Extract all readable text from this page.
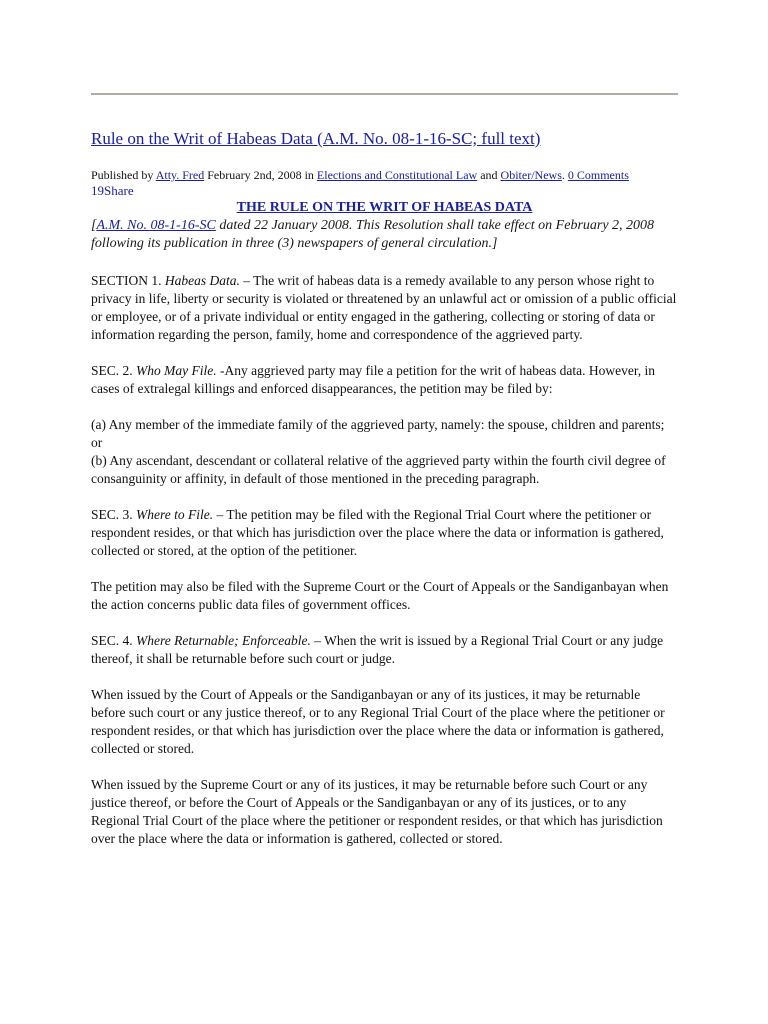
Rule on the Writ of Habeas Data (A.M. No. 08-1-16-SC; full text)
Published by Atty. Fred February 2nd, 2008 in Elections and Constitutional Law and Obiter/News. 0 Comments
19Share
THE RULE ON THE WRIT OF HABEAS DATA
[A.M. No. 08-1-16-SC dated 22 January 2008. This Resolution shall take effect on February 2, 2008 following its publication in three (3) newspapers of general circulation.]

SECTION 1. Habeas Data. – The writ of habeas data is a remedy available to any person whose right to privacy in life, liberty or security is violated or threatened by an unlawful act or omission of a public official or employee, or of a private individual or entity engaged in the gathering, collecting or storing of data or information regarding the person, family, home and correspondence of the aggrieved party.

SEC. 2. Who May File. -Any aggrieved party may file a petition for the writ of habeas data. However, in cases of extralegal killings and enforced disappearances, the petition may be filed by:

(a) Any member of the immediate family of the aggrieved party, namely: the spouse, children and parents; or
(b) Any ascendant, descendant or collateral relative of the aggrieved party within the fourth civil degree of consanguinity or affinity, in default of those mentioned in the preceding paragraph.

SEC. 3. Where to File. – The petition may be filed with the Regional Trial Court where the petitioner or respondent resides, or that which has jurisdiction over the place where the data or information is gathered, collected or stored, at the option of the petitioner.

The petition may also be filed with the Supreme Court or the Court of Appeals or the Sandiganbayan when the action concerns public data files of government offices.

SEC. 4. Where Returnable; Enforceable. – When the writ is issued by a Regional Trial Court or any judge thereof, it shall be returnable before such court or judge.

When issued by the Court of Appeals or the Sandiganbayan or any of its justices, it may be returnable before such court or any justice thereof, or to any Regional Trial Court of the place where the petitioner or respondent resides, or that which has jurisdiction over the place where the data or information is gathered, collected or stored.

When issued by the Supreme Court or any of its justices, it may be returnable before such Court or any justice thereof, or before the Court of Appeals or the Sandiganbayan or any of its justices, or to any Regional Trial Court of the place where the petitioner or respondent resides, or that which has jurisdiction over the place where the data or information is gathered, collected or stored.
